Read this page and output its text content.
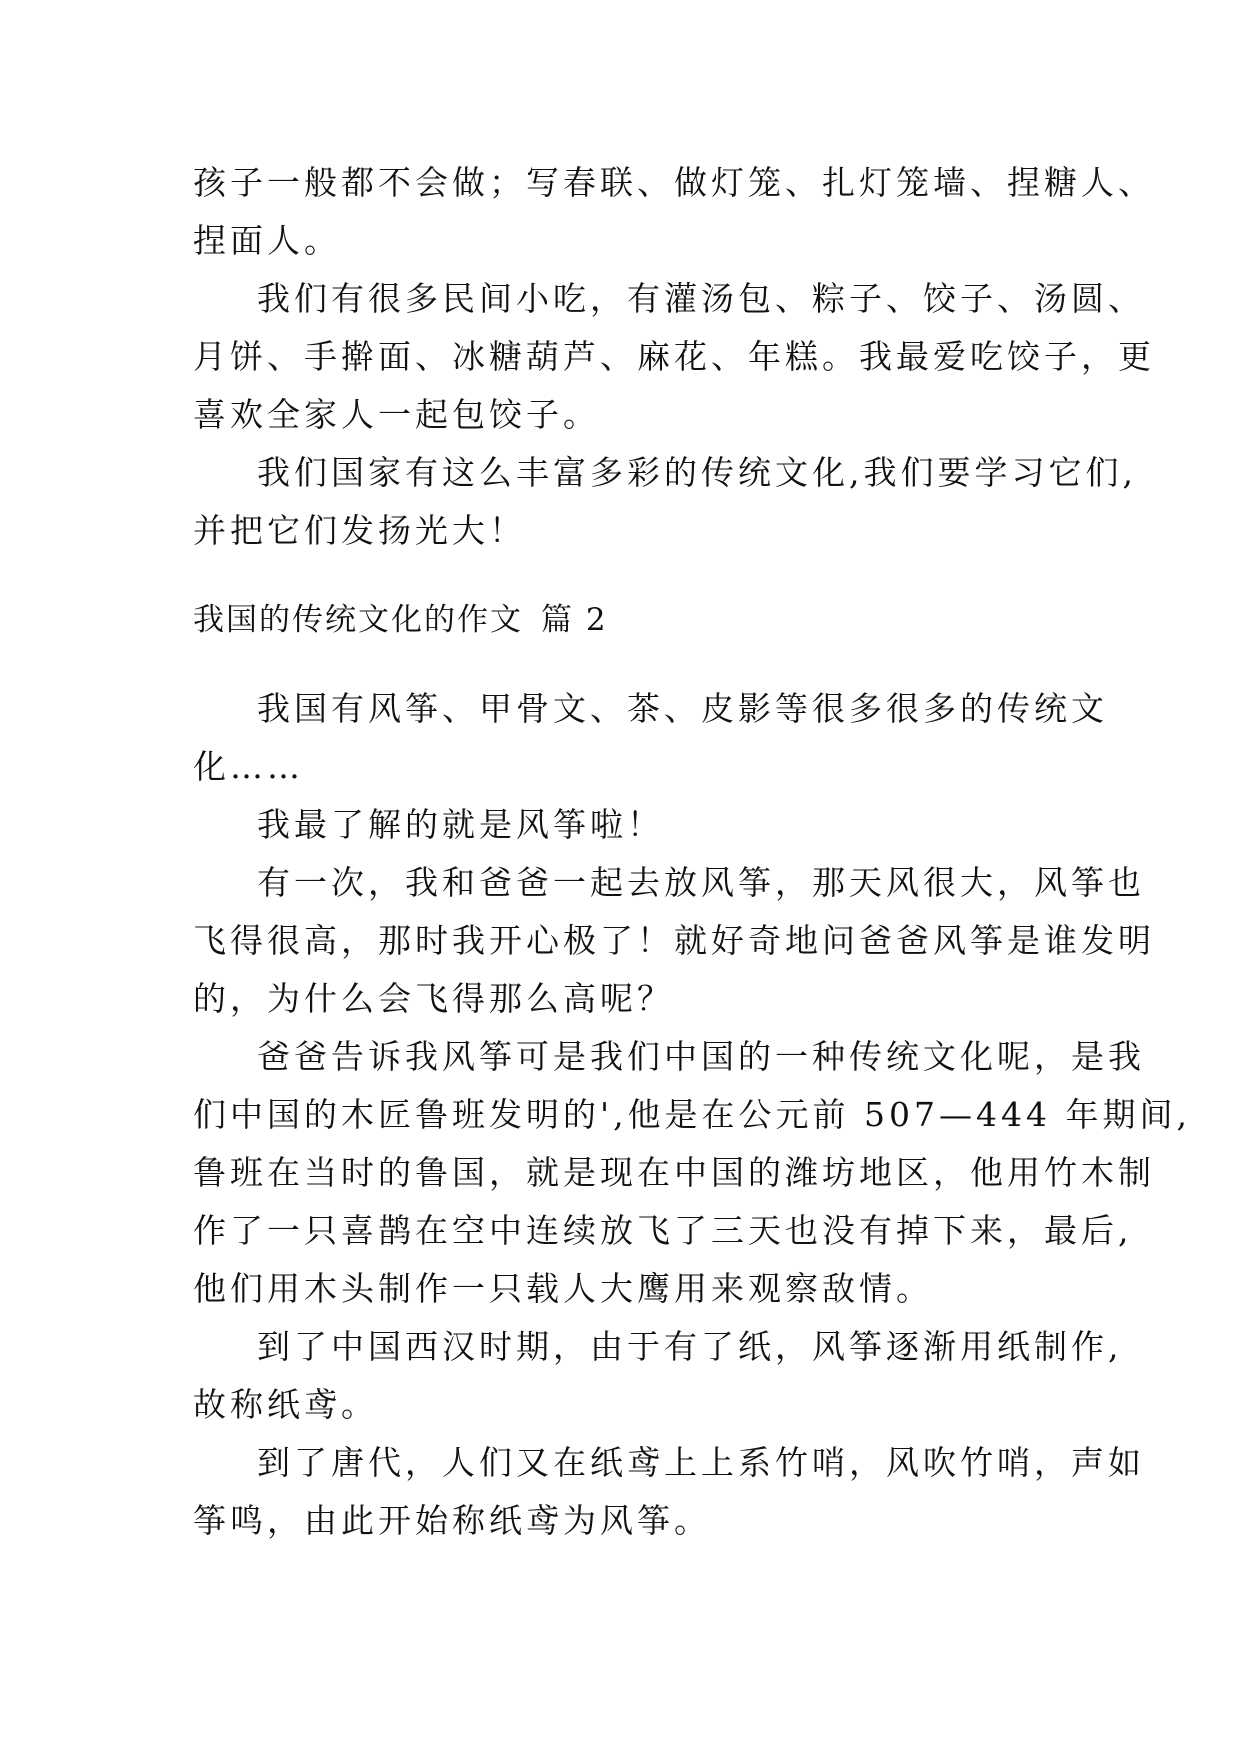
孩子一般都不会做；写春联、做灯笼、扎灯笼墙、捏糖人、
捏面人。
我们有很多民间小吃，有灌汤包、粽子、饺子、汤圆、
月饼、手擀面、冰糖葫芦、麻花、年糕。我最爱吃饺子，更
喜欢全家人一起包饺子。
我们国家有这么丰富多彩的传统文化,我们要学习它们,
并把它们发扬光大！
我国的传统文化的作文 篇 2
我国有风筝、甲骨文、茶、皮影等很多很多的传统文
化……
我最了解的就是风筝啦！
有一次，我和爸爸一起去放风筝，那天风很大，风筝也
飞得很高，那时我开心极了！就好奇地问爸爸风筝是谁发明
的，为什么会飞得那么高呢？
爸爸告诉我风筝可是我们中国的一种传统文化呢，是我
们中国的木匠鲁班发明的',他是在公元前 507—444 年期间,
鲁班在当时的鲁国，就是现在中国的潍坊地区，他用竹木制
作了一只喜鹊在空中连续放飞了三天也没有掉下来，最后,
他们用木头制作一只载人大鹰用来观察敌情。
到了中国西汉时期，由于有了纸，风筝逐渐用纸制作,
故称纸鸢。
到了唐代，人们又在纸鸢上上系竹哨，风吹竹哨，声如
筝鸣，由此开始称纸鸢为风筝。
